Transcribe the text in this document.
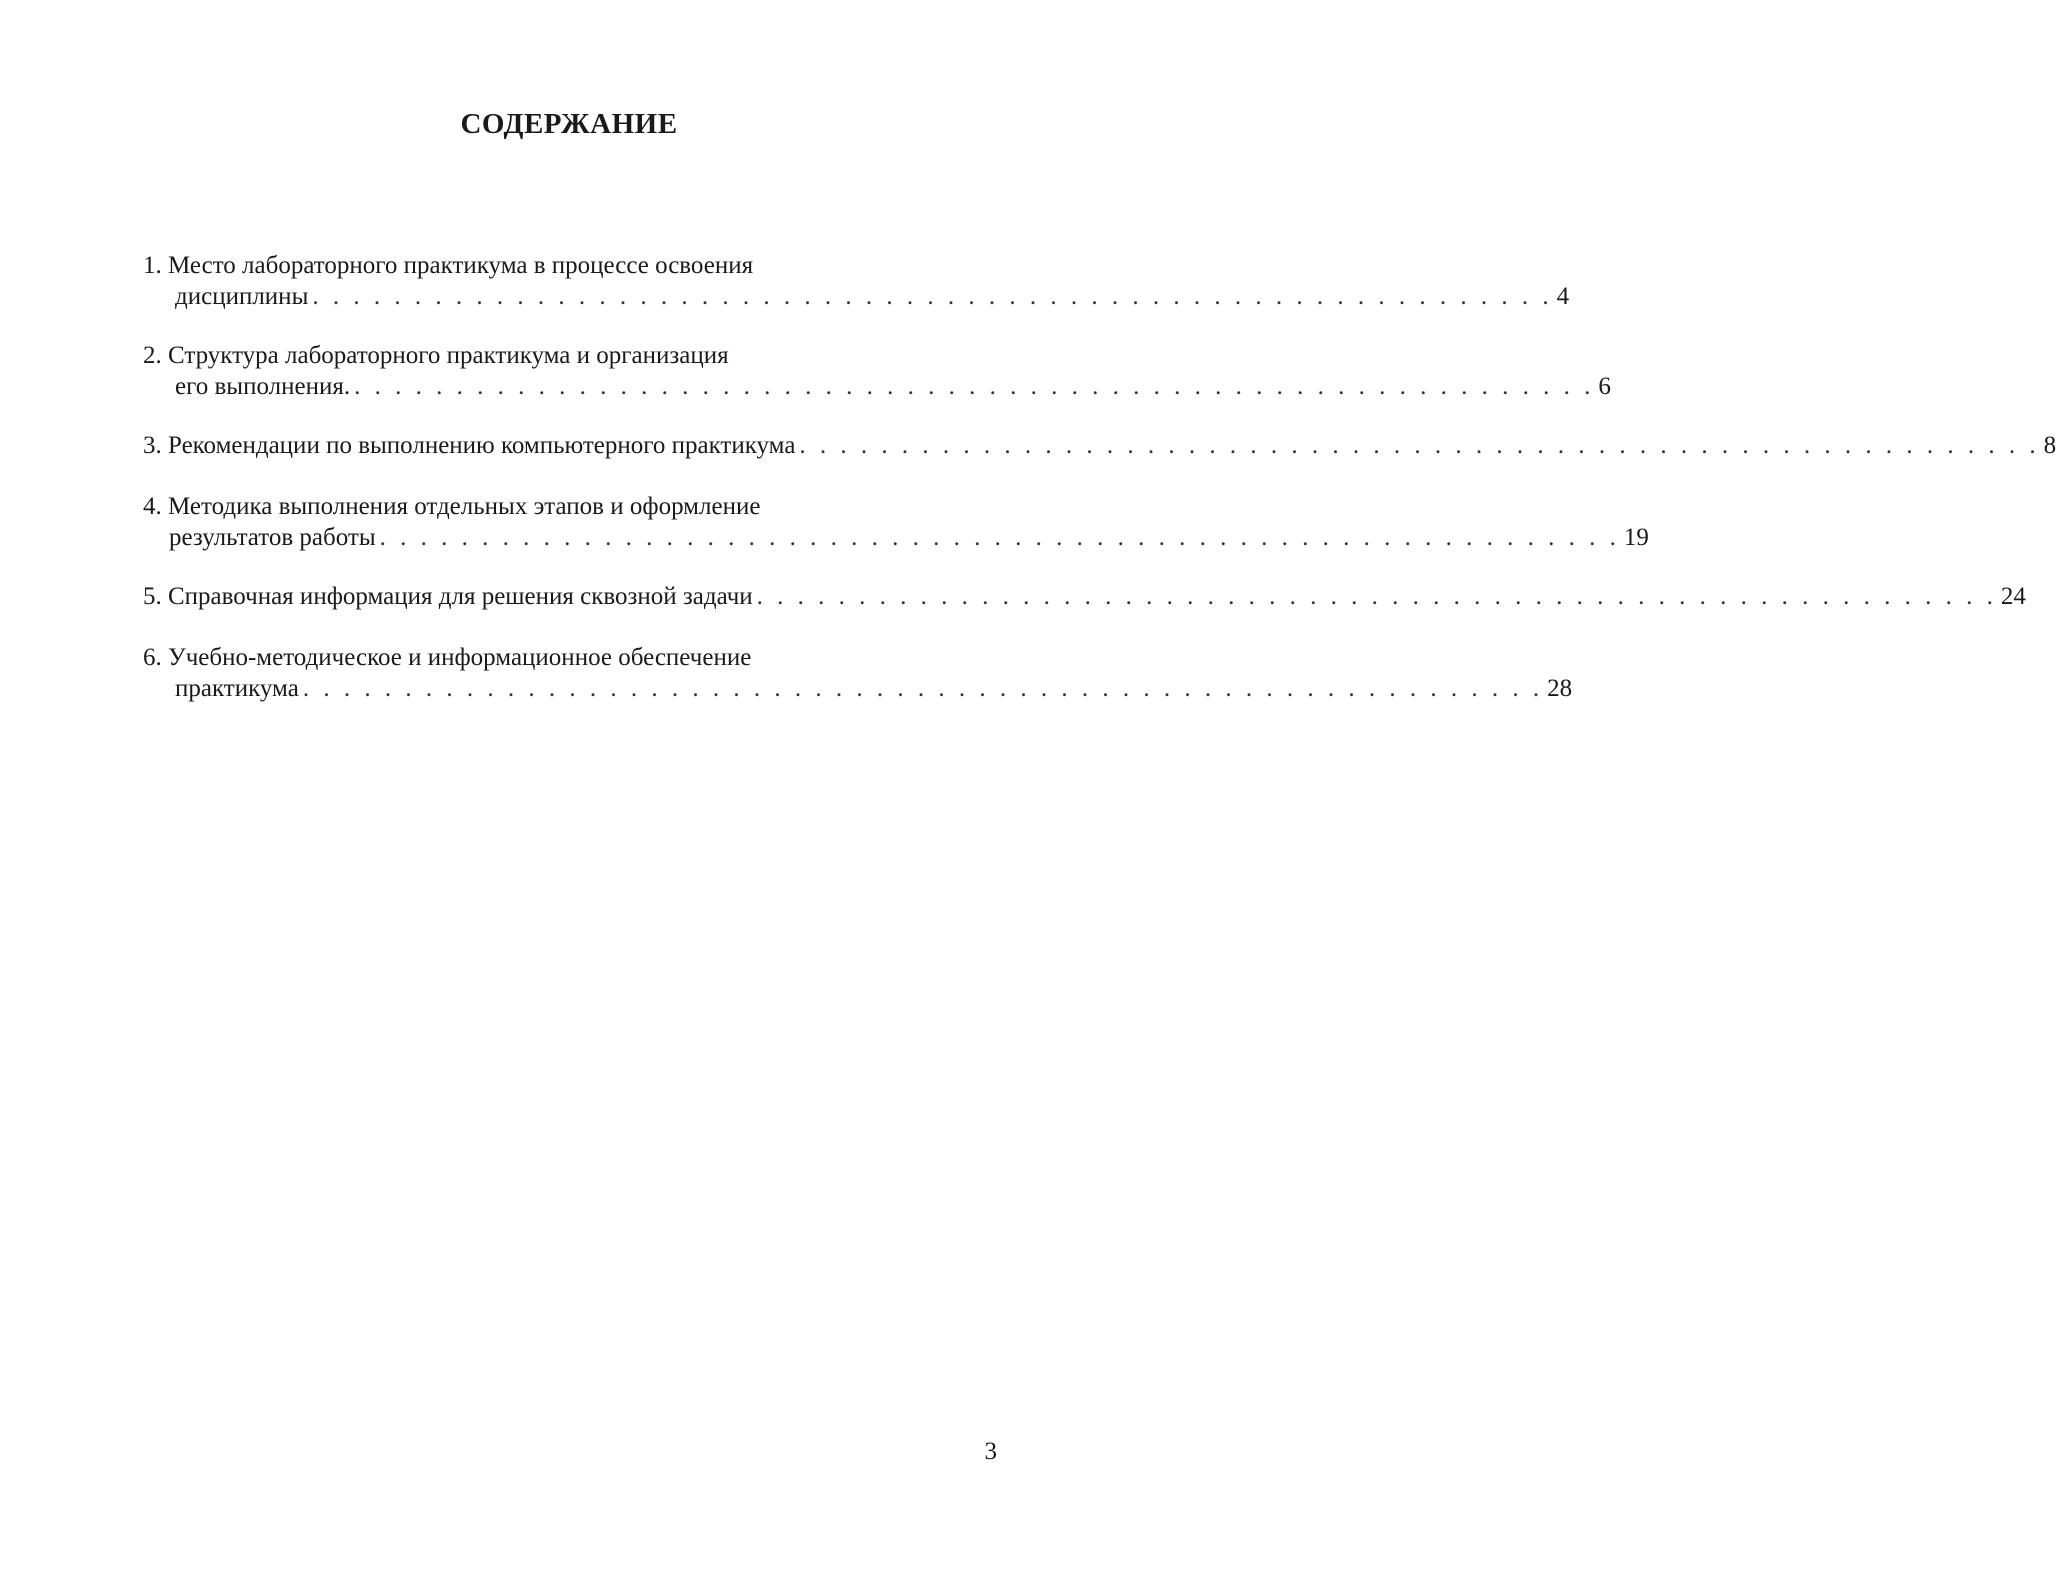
СОДЕРЖАНИЕ
1. Место лабораторного практикума в процессе освоения
дисциплины . . . . . . . . . . . . . . . . . . . . . . . . . . . . . . . . . . . . . . . . . . . . . . . . . . . . . . . . . . . . . 4
2. Структура лабораторного практикума и организация
его выполнения. . . . . . . . . . . . . . . . . . . . . . . . . . . . . . . . . . . . . . . . . . . . . . . . . . . . . . . . . . . . . . 6
3. Рекомендации по выполнению компьютерного практикума . . . . . . . . . . . . . . . . . . . . . . . . . . . . . . . . . . . . . . . . . . . . . . . . . . . . . . . . . . . . . 8
4. Методика выполнения отдельных этапов и оформление
результатов работы . . . . . . . . . . . . . . . . . . . . . . . . . . . . . . . . . . . . . . . . . . . . . . . . . . . . . . . . . . . . . 19
5. Справочная информация для решения сквозной задачи . . . . . . . . . . . . . . . . . . . . . . . . . . . . . . . . . . . . . . . . . . . . . . . . . . . . . . . . . . . . . 24
6. Учебно-методическое и информационное обеспечение
практикума . . . . . . . . . . . . . . . . . . . . . . . . . . . . . . . . . . . . . . . . . . . . . . . . . . . . . . . . . . . . . 28
3
